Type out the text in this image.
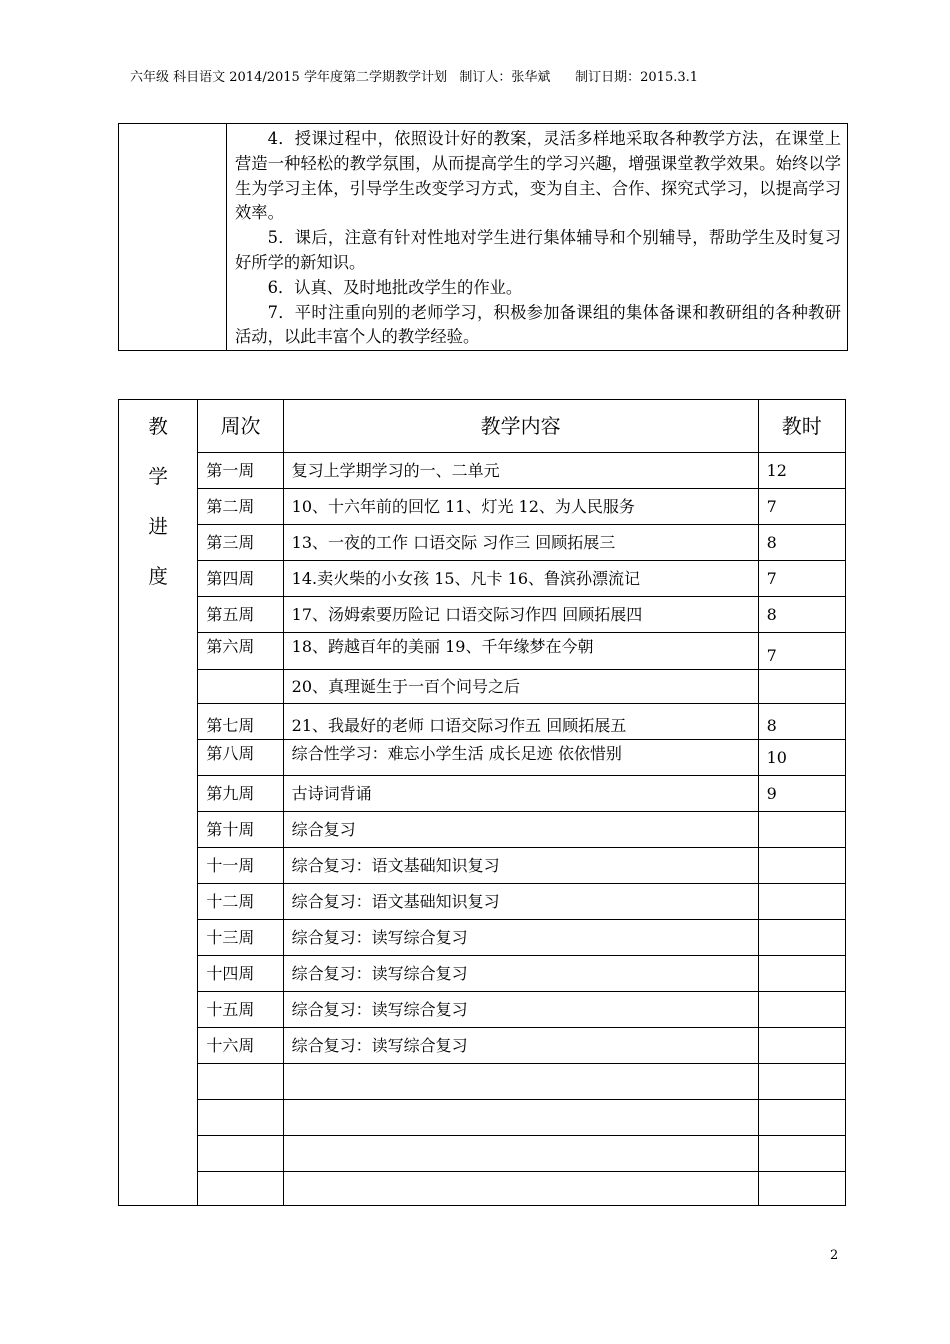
六年级 科目语文 2014/2015 学年度第二学期教学计划   制订人：张华斌      制订日期：2015.3.1

4．授课过程中，依照设计好的教案，灵活多样地采取各种教学方法，在课堂上营造一种轻松的教学氛围，从而提高学生的学习兴趣，增强课堂教学效果。始终以学生为学习主体，引导学生改变学习方式，变为自主、合作、探究式学习，以提高学习效率。

5．课后，注意有针对性地对学生进行集体辅导和个别辅导，帮助学生及时复习好所学的新知识。

6．认真、及时地批改学生的作业。

7．平时注重向别的老师学习，积极参加备课组的集体备课和教研组的各种教研活动，以此丰富个人的教学经验。

教
学
进
度	周次	教学内容	教时
	第一周	复习上学期学习的一、二单元	12
	第二周	10、十六年前的回忆 11、灯光 12、为人民服务	7
	第三周	13、一夜的工作 口语交际 习作三 回顾拓展三	8
	第四周	14.卖火柴的小女孩 15、凡卡 16、鲁滨孙漂流记	7
	第五周	17、汤姆索要历险记 口语交际习作四 回顾拓展四	8
	第六周	18、跨越百年的美丽 19、千年缘梦在今朝	7
		20、真理诞生于一百个问号之后	
	第七周	21、我最好的老师 口语交际习作五 回顾拓展五	8
	第八周	综合性学习：难忘小学生活 成长足迹 依依惜别	10
	第九周	古诗词背诵	9
	第十周	综合复习	
	十一周	综合复习：语文基础知识复习	
	十二周	综合复习：语文基础知识复习	
	十三周	综合复习：读写综合复习	
	十四周	综合复习：读写综合复习	
	十五周	综合复习：读写综合复习	
	十六周	综合复习：读写综合复习	

2
